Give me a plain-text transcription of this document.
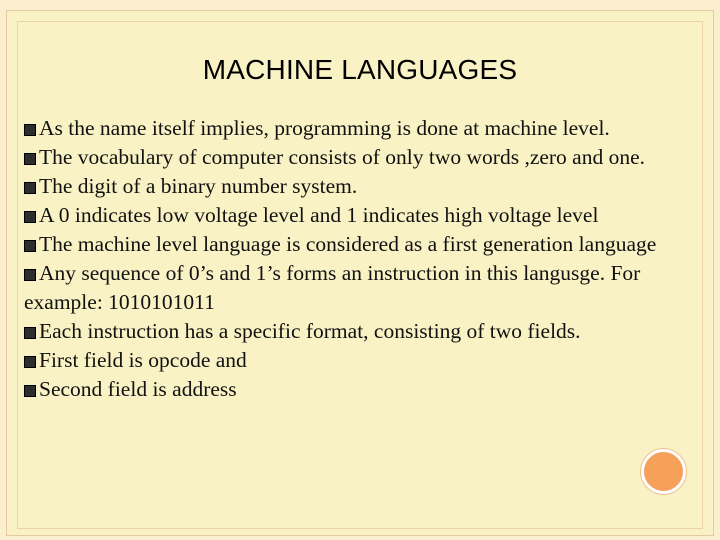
MACHINE LANGUAGES

As the name itself implies, programming is done at machine level.

The vocabulary of computer consists of only two words ,zero and one.

The digit of a binary number system.

A 0 indicates low voltage level and 1 indicates high voltage level

The machine level language is considered as a first generation language

Any sequence of 0’s and 1’s forms an instruction in this langusge. For example: 1010101011

Each instruction has a specific format, consisting of two fields.

First field is opcode and

Second field is address
